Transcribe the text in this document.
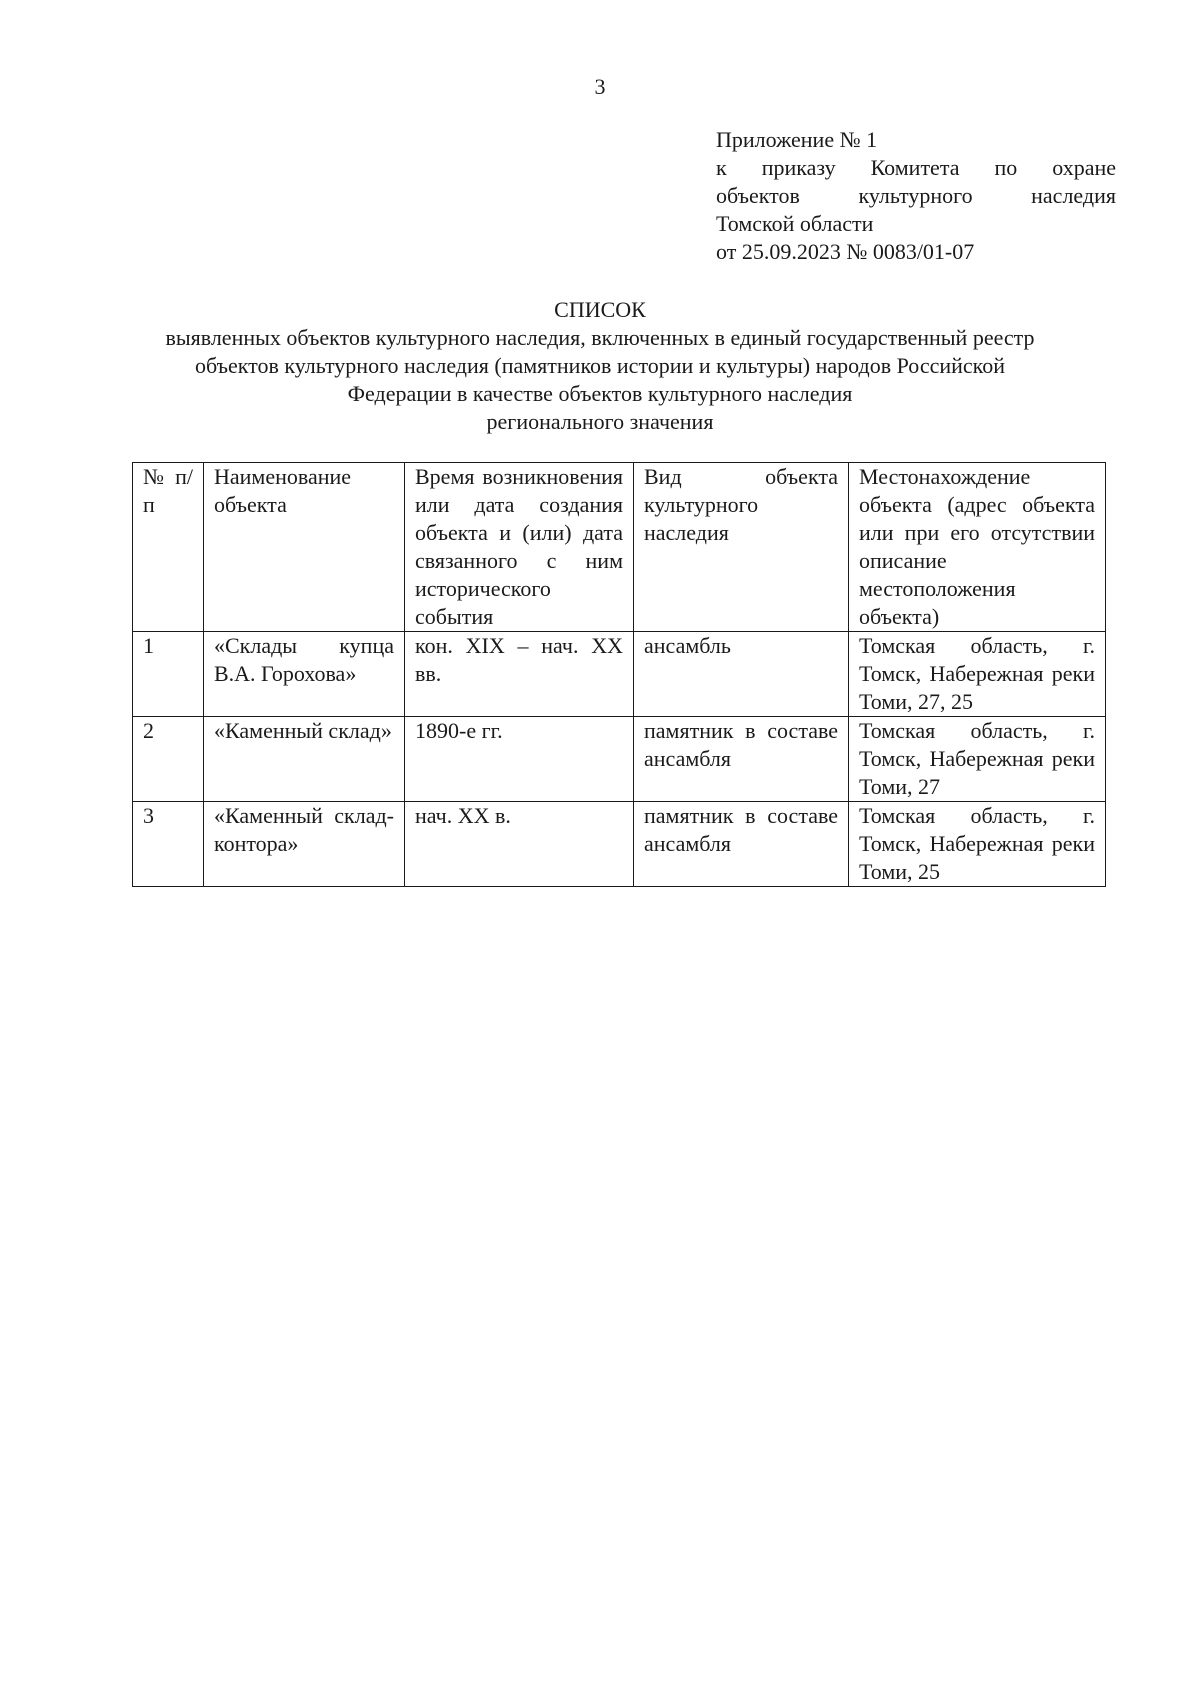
3
Приложение № 1
к приказу Комитета по охране
объектов культурного наследия
Томской области
от 25.09.2023 № 0083/01-07
СПИСОК
выявленных объектов культурного наследия, включенных в единый государственный реестр
объектов культурного наследия (памятников истории и культуры) народов Российской
Федерации в качестве объектов культурного наследия
регионального значения
№ п/п	Наименование объекта	Время возникновения или дата создания объекта и (или) дата связанного с ним исторического события	Вид объекта культурного наследия	Местонахождение объекта (адрес объекта или при его отсутствии описание местоположения объекта)
1	«Склады купца В.А. Горохова»	кон. XIX – нач. XX вв.	ансамбль	Томская область, г. Томск, Набережная реки Томи, 27, 25
2	«Каменный склад»	1890-е гг.	памятник в составе ансамбля	Томская область, г. Томск, Набережная реки Томи, 27
3	«Каменный склад-контора»	нач. XX в.	памятник в составе ансамбля	Томская область, г. Томск, Набережная реки Томи, 25
